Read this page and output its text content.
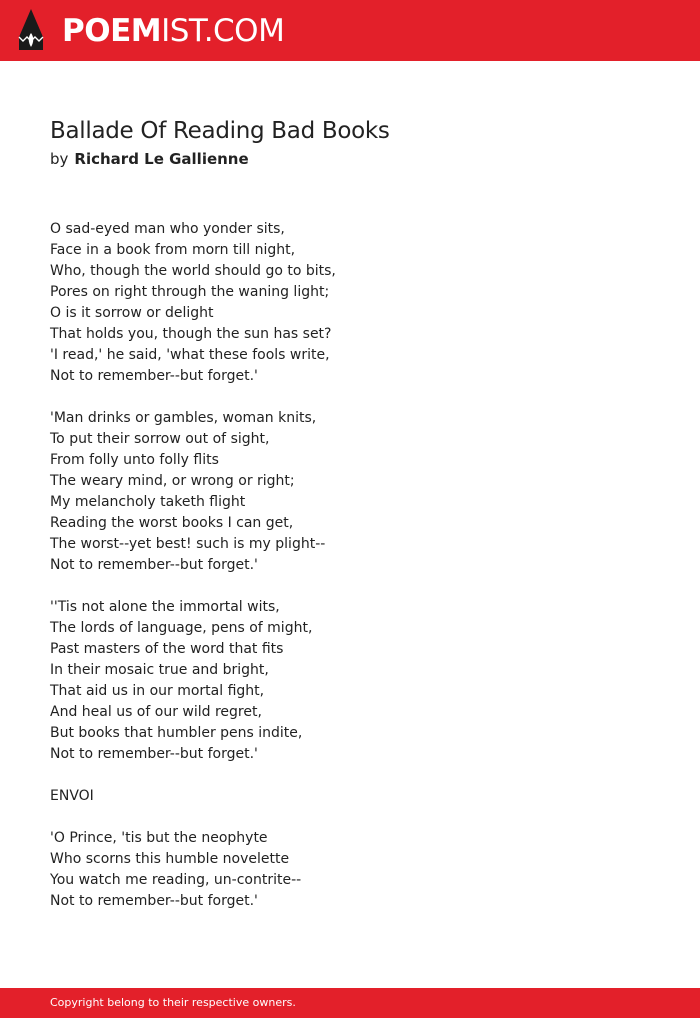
POEMIST.COM
Ballade Of Reading Bad Books
by Richard Le Gallienne
O sad-eyed man who yonder sits,
Face in a book from morn till night,
Who, though the world should go to bits,
Pores on right through the waning light;
O is it sorrow or delight
That holds you, though the sun has set?
'I read,' he said, 'what these fools write,
Not to remember--but forget.'
'Man drinks or gambles, woman knits,
To put their sorrow out of sight,
From folly unto folly flits
The weary mind, or wrong or right;
My melancholy taketh flight
Reading the worst books I can get,
The worst--yet best! such is my plight--
Not to remember--but forget.'
''Tis not alone the immortal wits,
The lords of language, pens of might,
Past masters of the word that fits
In their mosaic true and bright,
That aid us in our mortal fight,
And heal us of our wild regret,
But books that humbler pens indite,
Not to remember--but forget.'
ENVOI
'O Prince, 'tis but the neophyte
Who scorns this humble novelette
You watch me reading, un-contrite--
Not to remember--but forget.'
Copyright belong to their respective owners.
